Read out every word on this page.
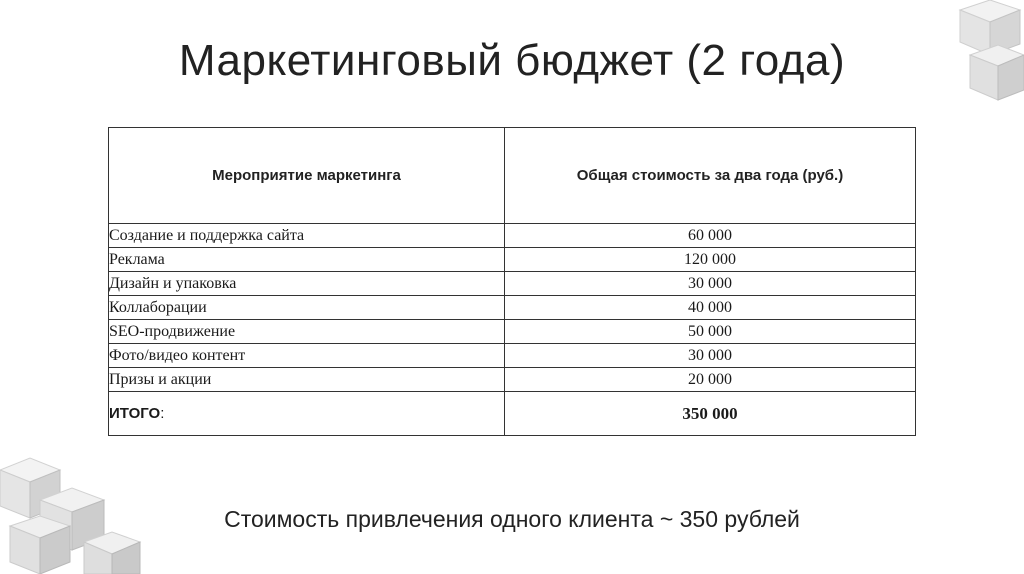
Маркетинговый бюджет (2 года)
Мероприятие маркетинга	Общая стоимость за два года (руб.)
Создание и поддержка сайта	60 000
Реклама	120 000
Дизайн и упаковка	30 000
Коллаборации	40 000
SEO-продвижение	50 000
Фото/видео контент	30 000
Призы и акции	20 000
ИТОГО:	350 000
Стоимость привлечения одного клиента ~ 350 рублей
